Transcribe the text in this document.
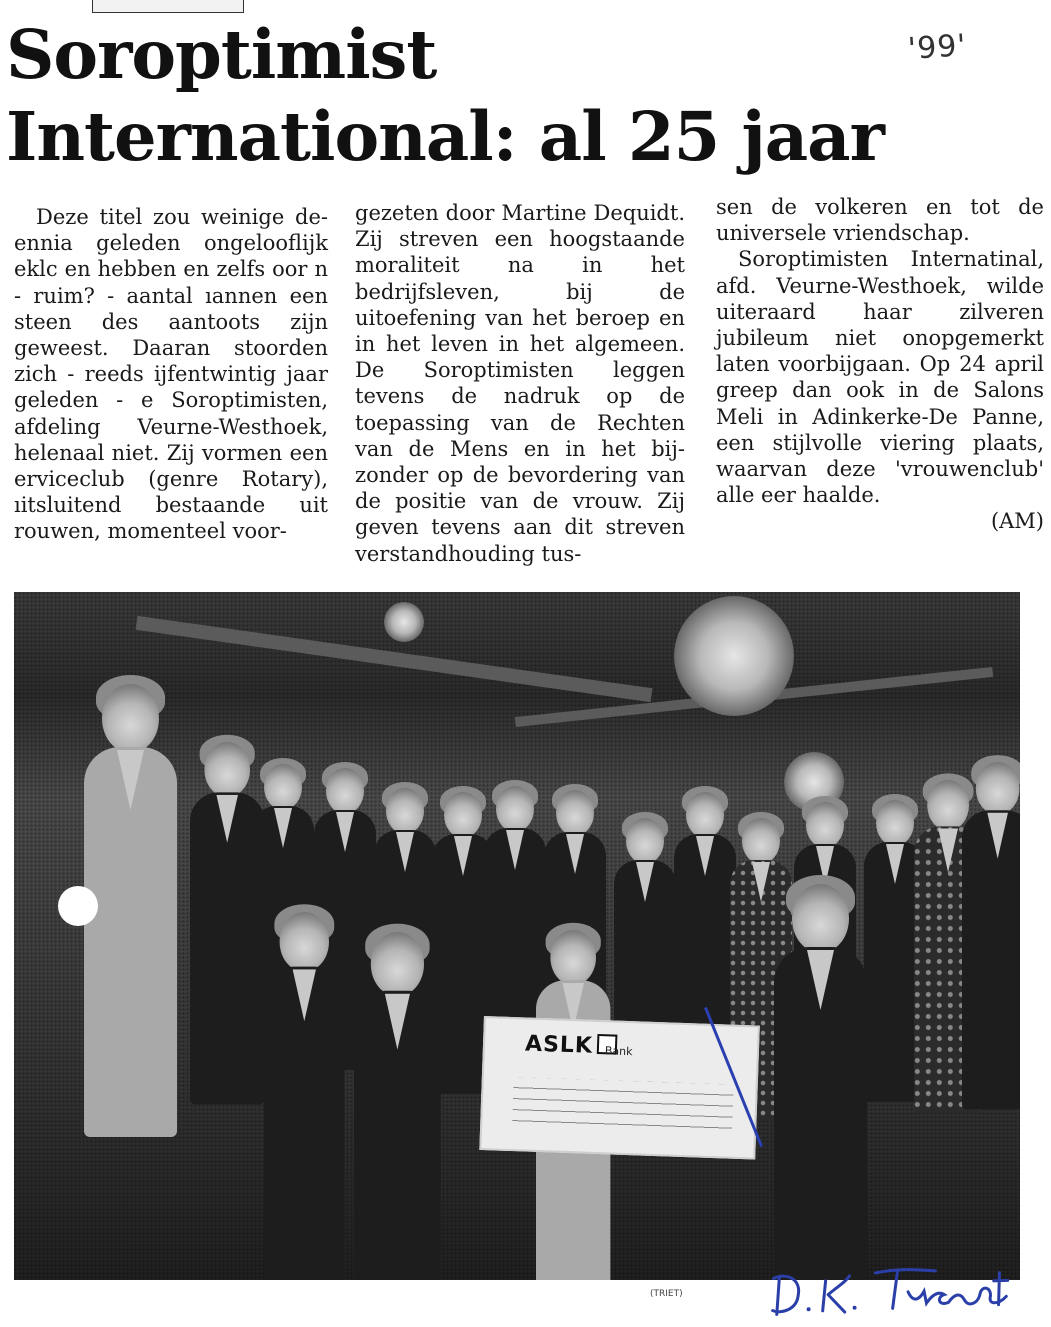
Soroptimist
International: al 25 jaar
'99'

Deze titel zou weinige deennia geleden ongelooflijk eklc en hebben en zelfs oor n - ruim? - aantal ıannen een steen des aantoots zijn geweest. Daaran stoorden zich - reeds ijfentwintig jaar geleden - e Soroptimisten, afdeling Veurne-Westhoek, helenaal niet. Zij vormen een erviceclub (genre Rotary), ıitsluitend bestaande uit rouwen, momenteel voor-

gezeten door Martine Dequidt. Zij streven een hoogstaande moraliteit na in het bedrijfsleven, bij de uitoefening van het beroep en in het leven in het algemeen. De Soroptimisten leggen tevens de nadruk op de toepassing van de Rechten van de Mens en in het bijzonder op de bevordering van de positie van de vrouw. Zij geven tevens aan dit streven verstandhouding tus-

sen de volkeren en tot de universele vriendschap.

Soroptimisten Internatinal, afd. Veurne-Westhoek, wilde uiteraard haar zilveren jubileum niet onopgemerkt laten voorbijgaan. Op 24 april greep dan ook in de Salons Meli in Adinkerke-De Panne, een stijlvolle viering plaats, waarvan deze 'vrouwenclub' alle eer haalde.

(AM)
ASLK	Bank
(TRIET)
